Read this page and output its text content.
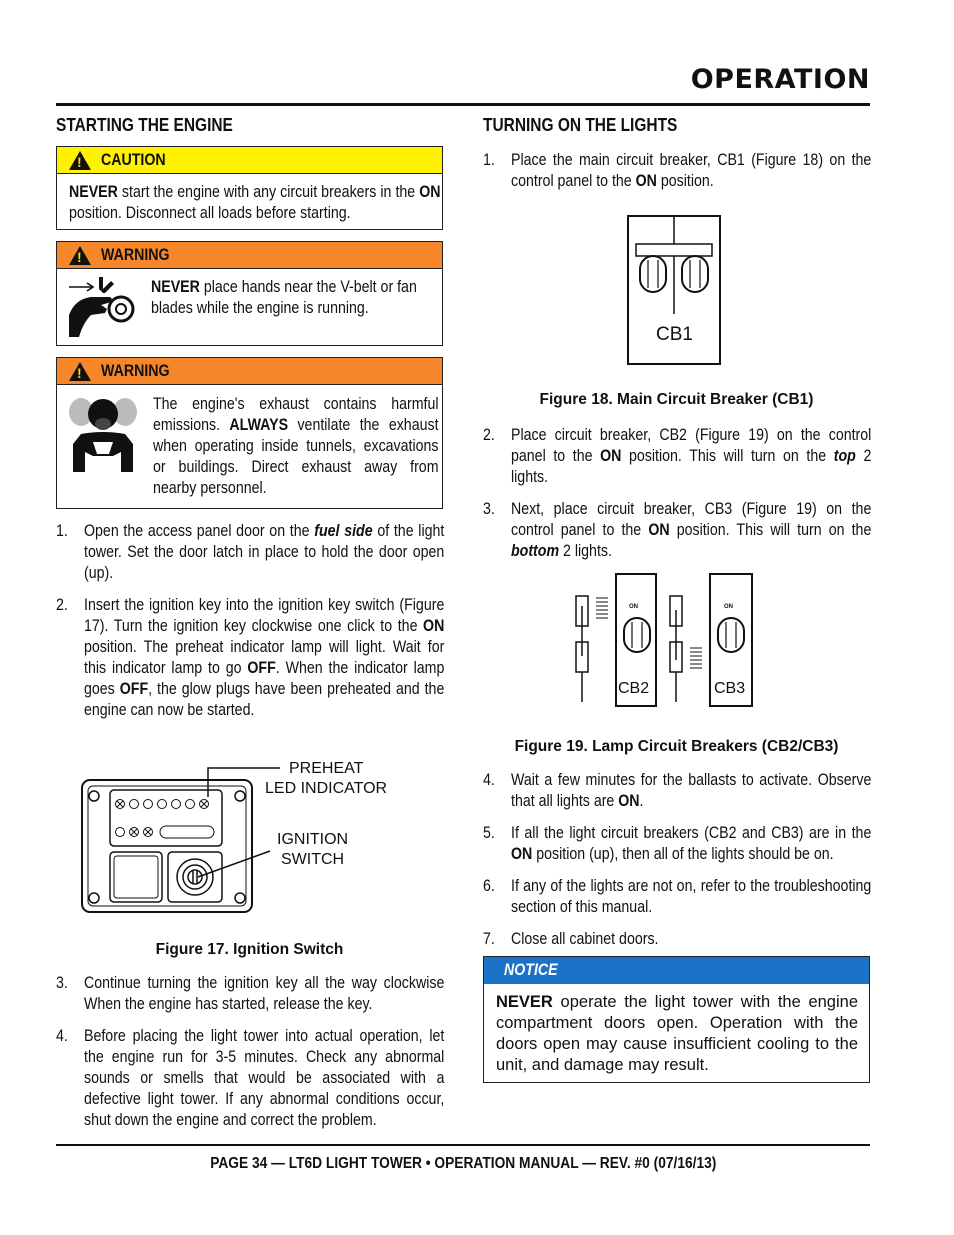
OPERATION
STARTING THE ENGINE
!
CAUTION
NEVER start the engine with any circuit breakers in the ON position. Disconnect all loads before starting.
!
WARNING
NEVER place hands near the V-belt or fan blades while the engine is running.
!
WARNING
The engine's exhaust contains harmful emissions. ALWAYS ventilate the exhaust when operating inside tunnels, excavations or buildings. Direct exhaust away from nearby personnel.
1. Open the access panel door on the fuel side of the light tower. Set the door latch in place to hold the door open (up).
2. Insert the ignition key into the ignition key switch (Figure 17). Turn the ignition key clockwise one click to the ON position. The preheat indicator lamp will light. Wait for this indicator lamp to go OFF. When the indicator lamp goes OFF, the glow plugs have been preheated and the engine can now be started.
PREHEAT
LED INDICATOR
IGNITION
SWITCH
Figure 17. Ignition Switch
3. Continue turning the ignition key all the way clockwise When the engine has started, release the key.
4. Before placing the light tower into actual operation, let the engine run for 3-5 minutes. Check any abnormal sounds or smells that would be associated with a defective light tower. If any abnormal conditions occur, shut down the engine and correct the problem.
TURNING ON THE LIGHTS
1. Place the main circuit breaker, CB1 (Figure 18) on the control panel to the ON position.
CB1
Figure 18. Main Circuit Breaker (CB1)
2. Place circuit breaker, CB2 (Figure 19) on the control panel to the ON position. This will turn on the top 2 lights.
3. Next, place circuit breaker, CB3 (Figure 19) on the control panel to the ON position. This will turn on the bottom 2 lights.
ON
CB2
ON
CB3
Figure 19. Lamp Circuit Breakers (CB2/CB3)
4. Wait a few minutes for the ballasts to activate. Observe that all lights are ON.
5. If all the light circuit breakers (CB2 and CB3) are in the ON position (up), then all of the lights should be on.
6. If any of the lights are not on, refer to the troubleshooting section of this manual.
7. Close all cabinet doors.
NOTICE
NEVER operate the light tower with the engine compartment doors open. Operation with the doors open may cause insufficient cooling to the unit, and damage may result.
PAGE 34 — LT6D LIGHT TOWER • OPERATION MANUAL — REV. #0 (07/16/13)
